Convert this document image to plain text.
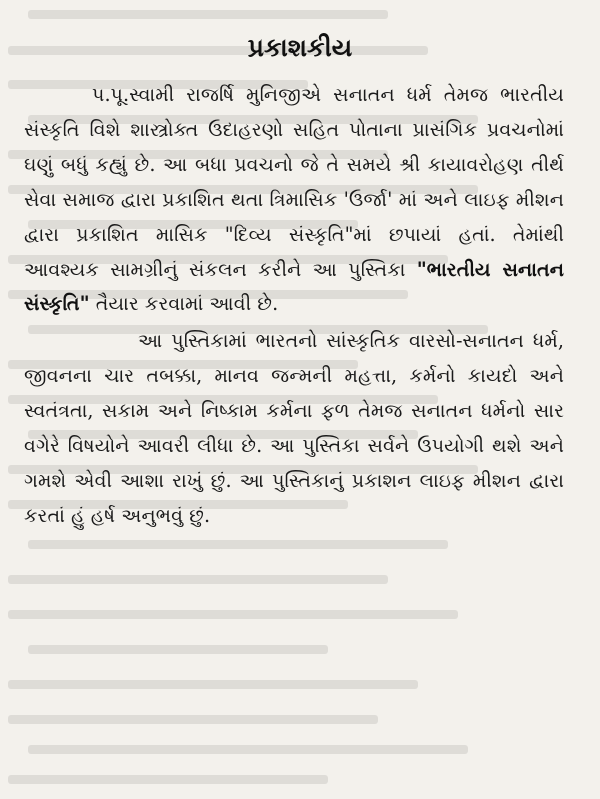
પ્રકાશકીય

પ.પૂ.સ્વામી રાજર્ષિ મુનિજીએ સનાતન ધર્મ તેમજ ભારતીય સંસ્કૃતિ વિશે શાસ્ત્રોક્ત ઉદાહરણો સહિત પોતાના પ્રાસંગિક પ્રવચનોમાં ઘણું બધું કહ્યું છે. આ બધા પ્રવચનો જે તે સમયે શ્રી કાયાવરોહણ તીર્થ સેવા સમાજ દ્વારા પ્રકાશિત થતા ત્રિમાસિક 'ઉર્જા' માં અને લાઇફ મીશન દ્વારા પ્રકાશિત માસિક "દિવ્ય સંસ્કૃતિ"માં છપાયાં હતાં. તેમાંથી આવશ્યક સામગ્રીનું સંકલન કરીને આ પુસ્તિકા "ભારતીય સનાતન સંસ્કૃતિ" તૈયાર કરવામાં આવી છે.

આ પુસ્તિકામાં ભારતનો સાંસ્કૃતિક વારસો-સનાતન ધર્મ, જીવનના ચાર તબક્કા, માનવ જન્મની મહત્તા, કર્મનો કાયદો અને સ્વતંત્રતા, સકામ અને નિષ્કામ કર્મના ફળ તેમજ સનાતન ધર્મનો સાર વગેરે વિષયોને આવરી લીધા છે. આ પુસ્તિકા સર્વને ઉપયોગી થશે અને ગમશે એવી આશા રાખું છું. આ પુસ્તિકાનું પ્રકાશન લાઇફ મીશન દ્વારા કરતાં હું હર્ષ અનુભવું છું.
